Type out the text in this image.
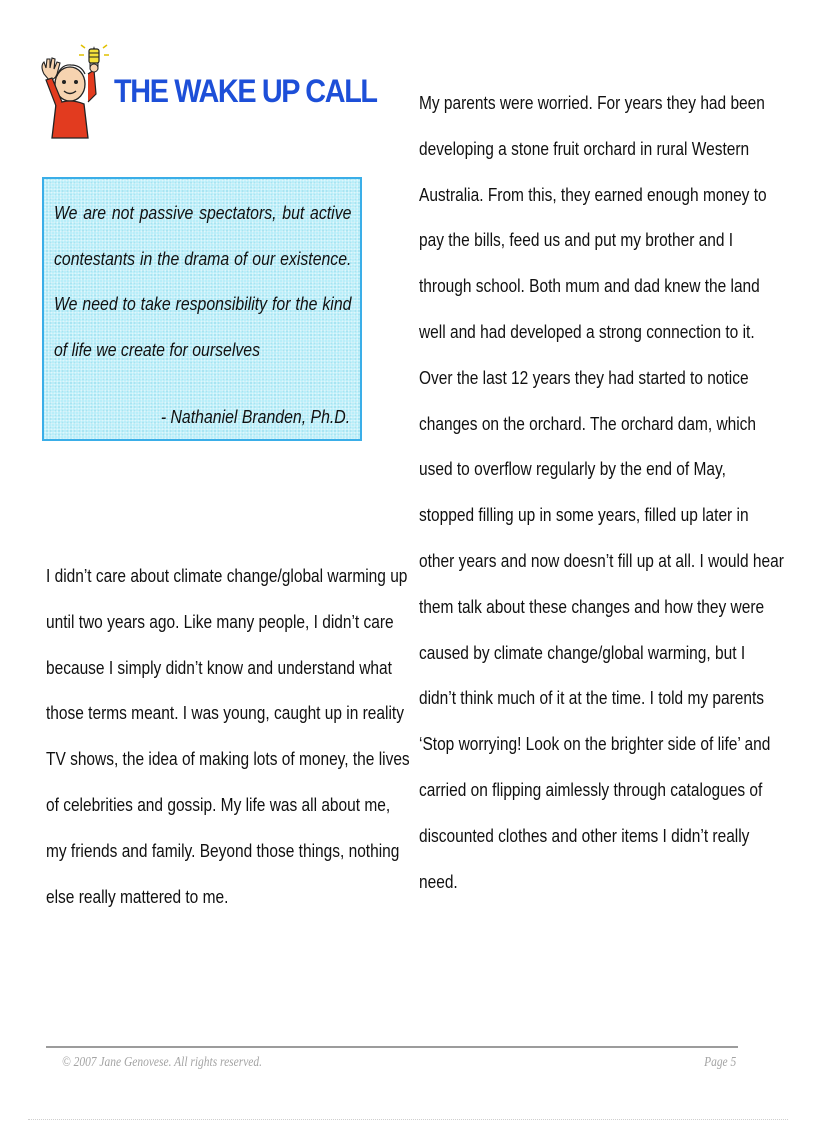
THE WAKE UP CALL
We are not passive spectators, but active contestants in the drama of our existence. We need to take responsibility for the kind of life we create for ourselves
- Nathaniel Branden, Ph.D.
I didn’t care about climate change/global warming up
until two years ago. Like many people, I didn’t care
because I simply didn’t know and understand what
those terms meant. I was young, caught up in reality
TV shows, the idea of making lots of money, the lives
of celebrities and gossip. My life was all about me,
my friends and family. Beyond those things, nothing
else really mattered to me.
My parents were worried. For years they had been
developing a stone fruit orchard in rural Western
Australia. From this, they earned enough money to
pay the bills, feed us and put my brother and I
through school. Both mum and dad knew the land
well and had developed a strong connection to it.
Over the last 12 years they had started to notice
changes on the orchard. The orchard dam, which
used to overflow regularly by the end of May,
stopped filling up in some years, filled up later in
other years and now doesn’t fill up at all. I would hear
them talk about these changes and how they were
caused by climate change/global warming, but I
didn’t think much of it at the time. I told my parents
‘Stop worrying! Look on the brighter side of life’ and
carried on flipping aimlessly through catalogues of
discounted clothes and other items I didn’t really
need.
© 2007 Jane Genovese. All rights reserved.	Page 5
